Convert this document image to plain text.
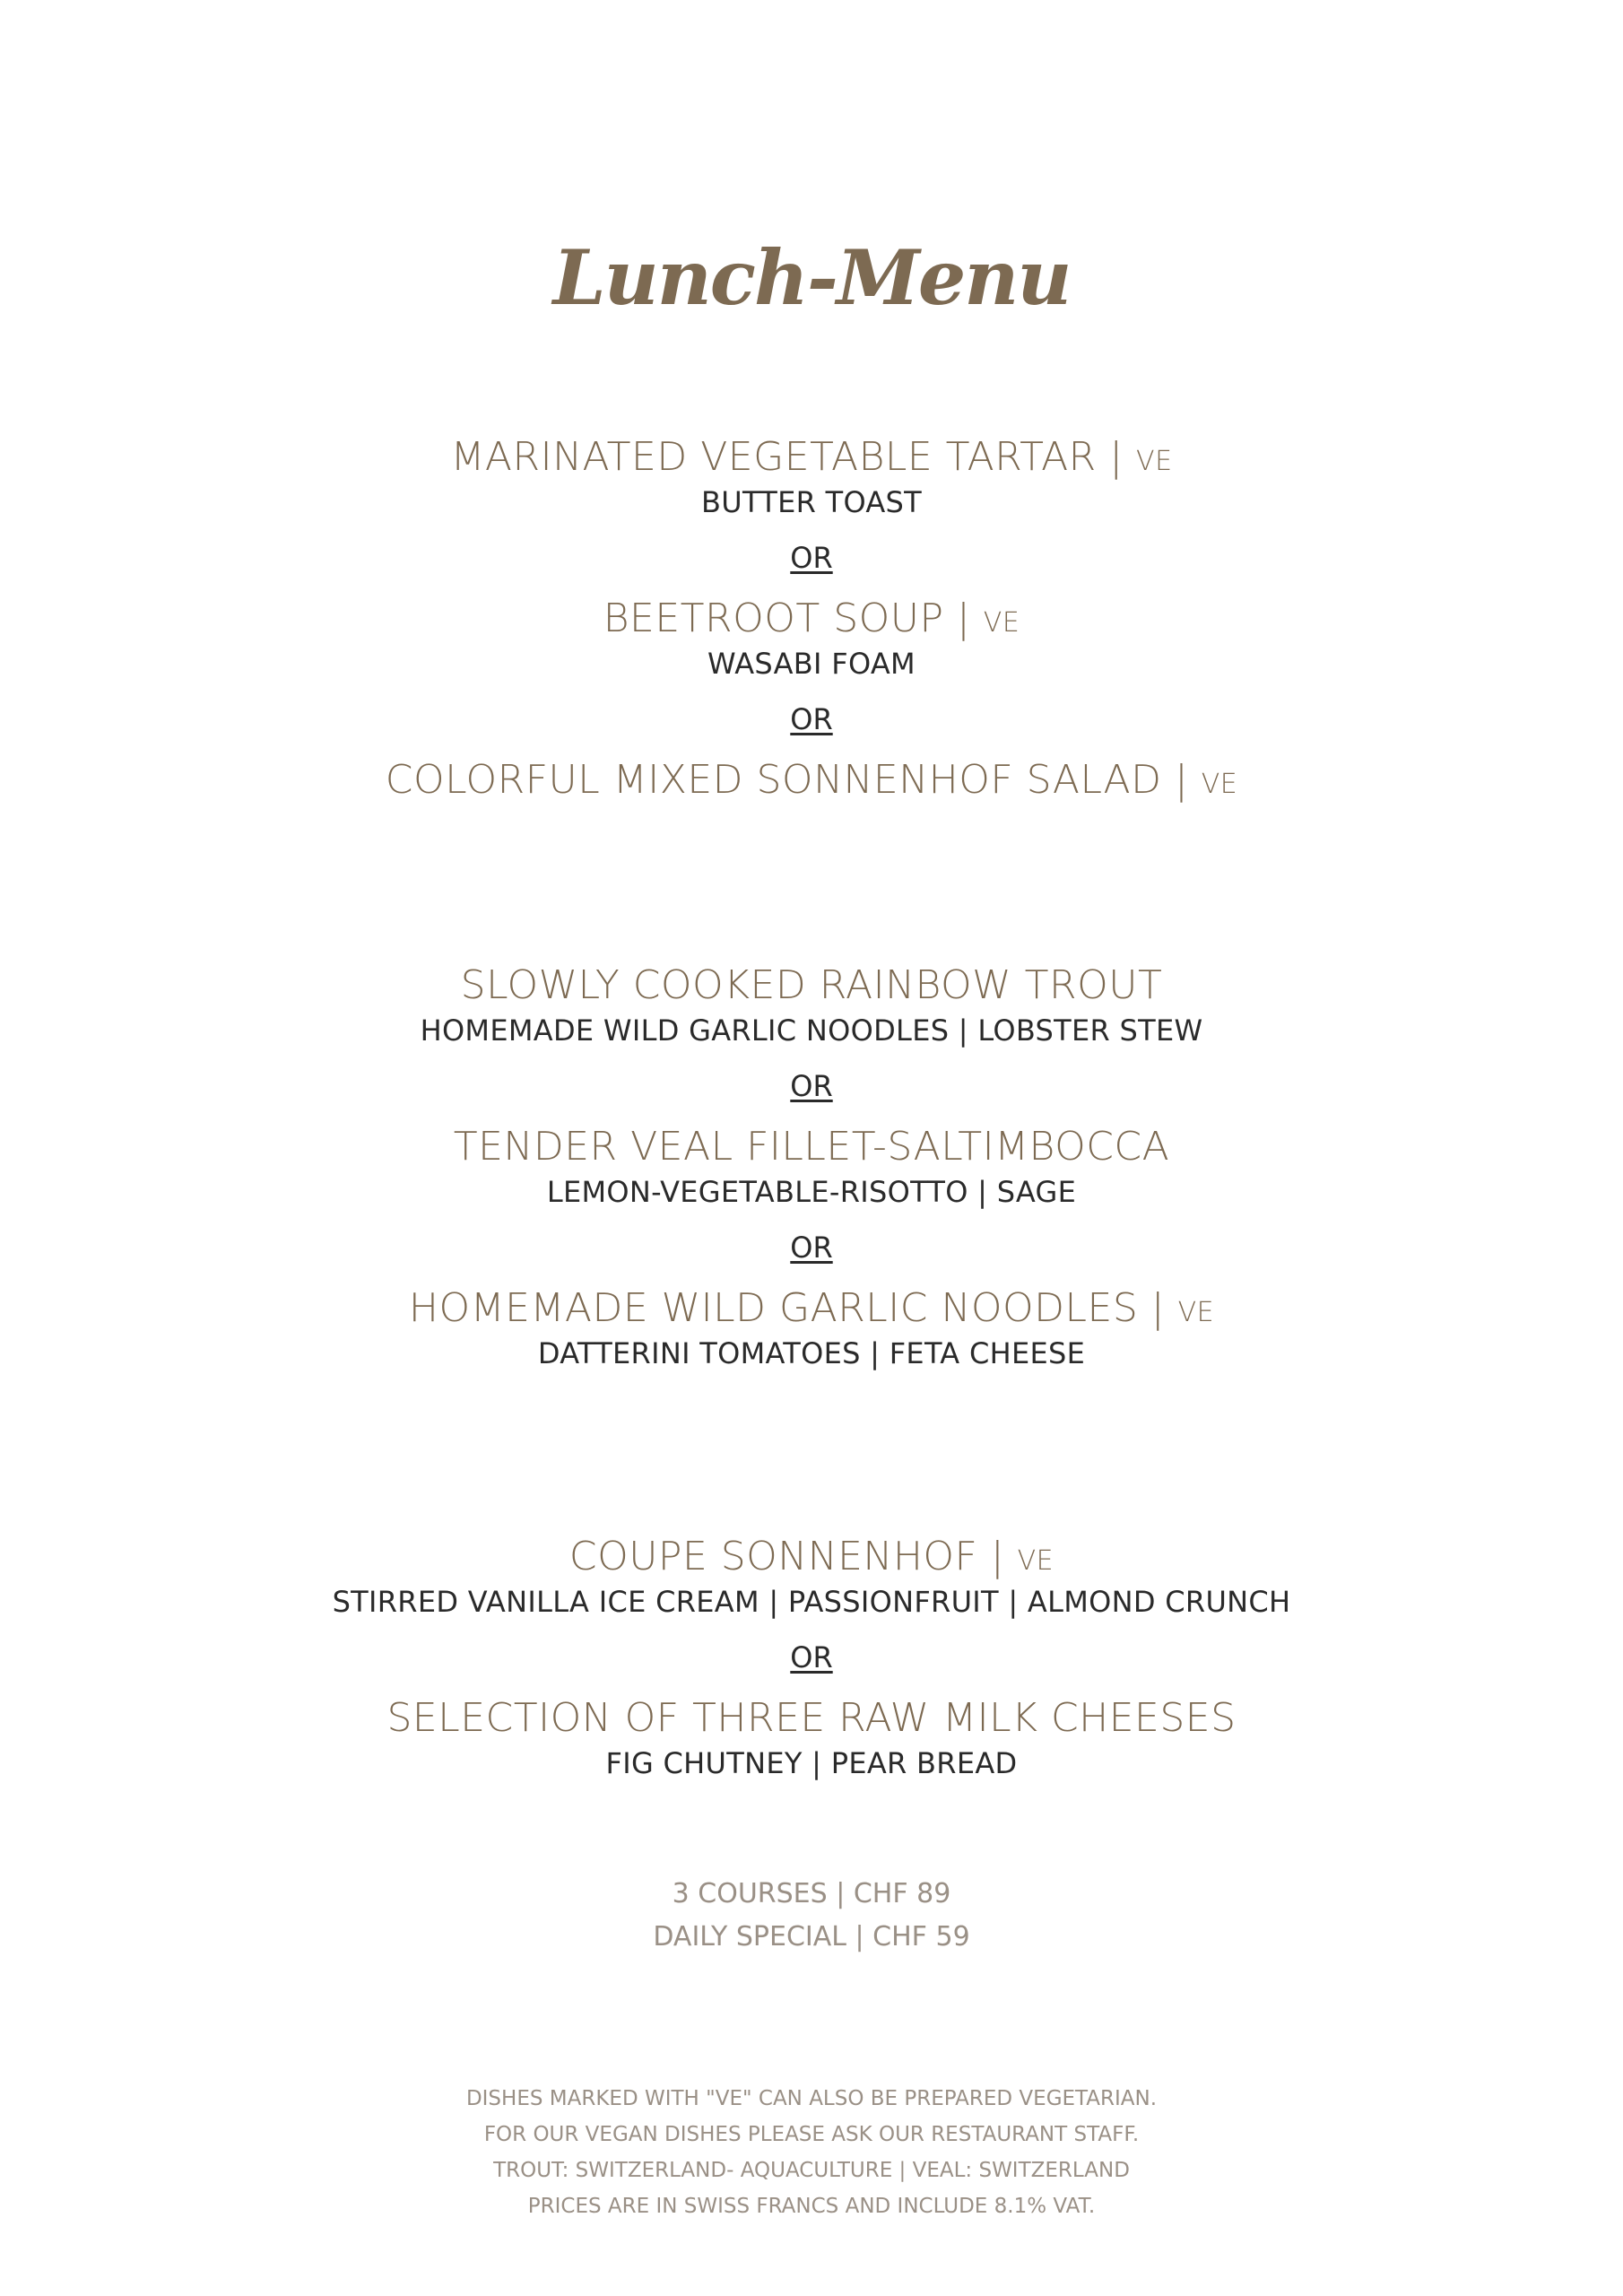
Lunch-Menu
MARINATED VEGETABLE TARTAR | VE
BUTTER TOAST
OR
BEETROOT SOUP | VE
WASABI FOAM
OR
COLORFUL MIXED SONNENHOF SALAD | VE
SLOWLY COOKED RAINBOW TROUT
HOMEMADE WILD GARLIC NOODLES | LOBSTER STEW
OR
TENDER VEAL FILLET-SALTIMBOCCA
LEMON-VEGETABLE-RISOTTO | SAGE
OR
HOMEMADE WILD GARLIC NOODLES | VE
DATTERINI TOMATOES | FETA CHEESE
COUPE SONNENHOF | VE
STIRRED VANILLA ICE CREAM | PASSIONFRUIT | ALMOND CRUNCH
OR
SELECTION OF THREE RAW MILK CHEESES
FIG CHUTNEY | PEAR BREAD
3 COURSES | CHF 89
DAILY SPECIAL | CHF 59
DISHES MARKED WITH "VE" CAN ALSO BE PREPARED VEGETARIAN.
FOR OUR VEGAN DISHES PLEASE ASK OUR RESTAURANT STAFF.
TROUT: SWITZERLAND- AQUACULTURE | VEAL: SWITZERLAND
PRICES ARE IN SWISS FRANCS AND INCLUDE 8.1% VAT.
